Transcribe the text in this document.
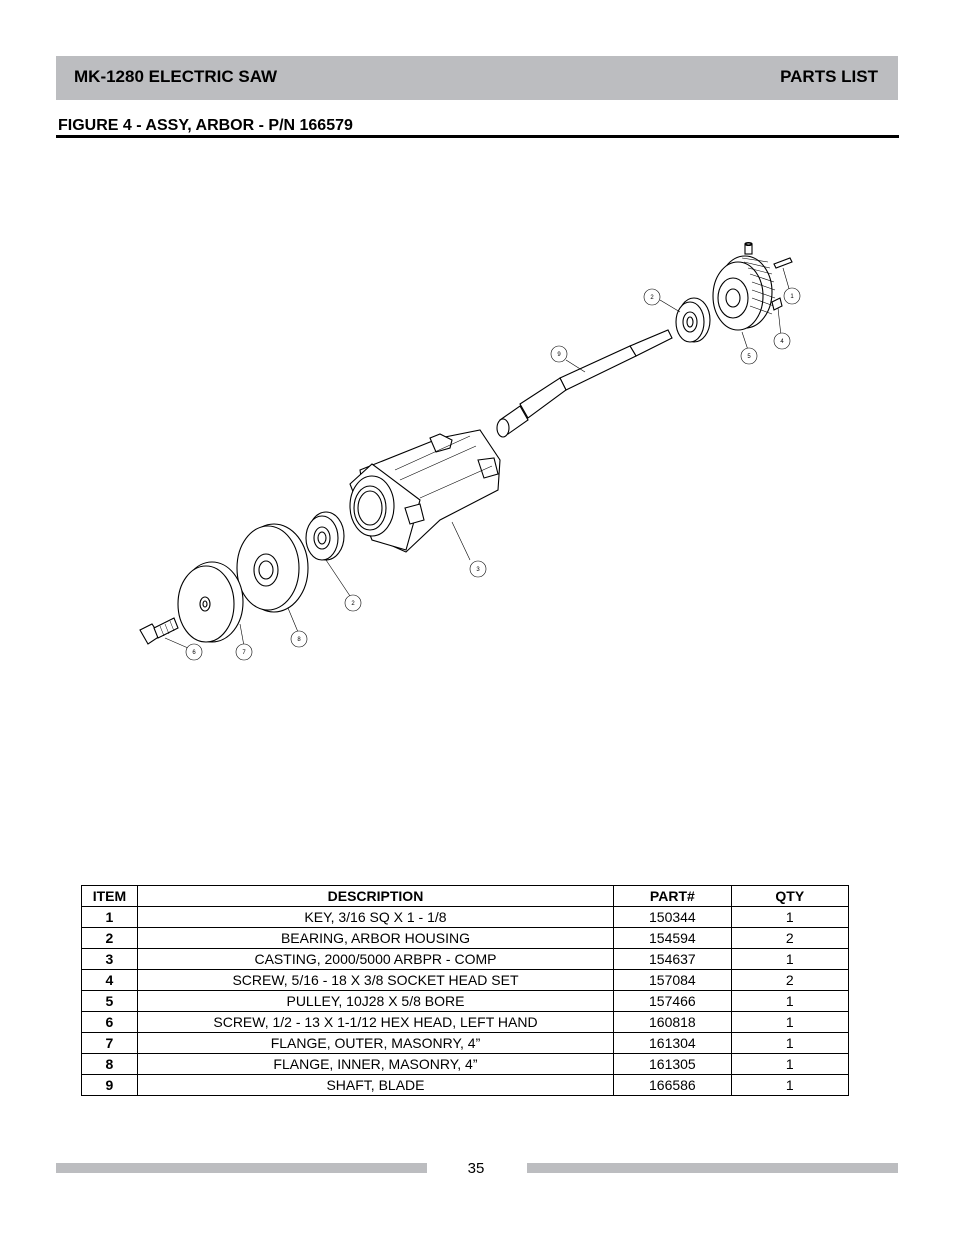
MK-1280 ELECTRIC SAW	PARTS LIST
FIGURE 4 - ASSY, ARBOR - P/N 166579
1
2
4
5
9
3
2
8
7
6
ITEM	DESCRIPTION	PART#	QTY
1	KEY, 3/16 SQ X 1 - 1/8	150344	1
2	BEARING, ARBOR HOUSING	154594	2
3	CASTING, 2000/5000 ARBPR - COMP	154637	1
4	SCREW, 5/16 - 18 X 3/8 SOCKET HEAD SET	157084	2
5	PULLEY, 10J28 X 5/8 BORE	157466	1
6	SCREW, 1/2 - 13 X 1-1/12 HEX HEAD, LEFT HAND	160818	1
7	FLANGE, OUTER, MASONRY, 4”	161304	1
8	FLANGE, INNER, MASONRY, 4”	161305	1
9	SHAFT, BLADE	166586	1
35
